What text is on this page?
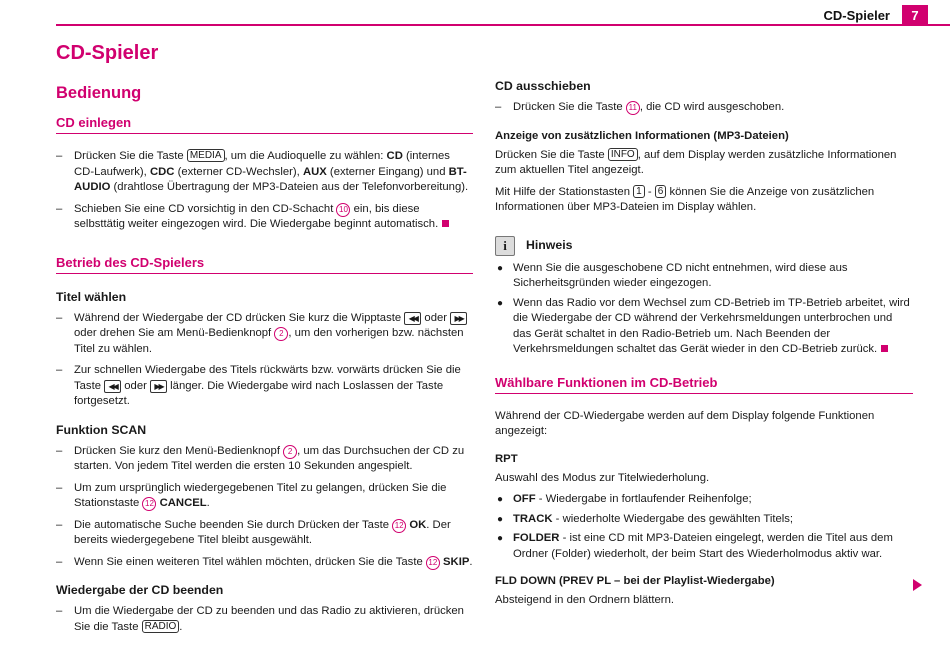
CD-Spieler	7
CD-Spieler
Bedienung
CD einlegen
– Drücken Sie die Taste MEDIA , um die Audioquelle zu wählen: CD (internes CD-Laufwerk), CDC (externer CD-Wechsler), AUX (externer Eingang) und BT-AUDIO (drahtlose Übertragung der MP3-Dateien aus der Telefonvorbereitung).
– Schieben Sie eine CD vorsichtig in den CD-Schacht 10 ein, bis diese selbsttätig weiter eingezogen wird. Die Wiedergabe beginnt automatisch.
Betrieb des CD-Spielers
Titel wählen
– Während der Wiedergabe der CD drücken Sie kurz die Wipptaste ◀◀ oder ▶▶ oder drehen Sie am Menü-Bedienknopf 2 , um den vorherigen bzw. nächsten Titel zu wählen.
– Zur schnellen Wiedergabe des Titels rückwärts bzw. vorwärts drücken Sie die Taste ◀◀ oder ▶▶ länger. Die Wiedergabe wird nach Loslassen der Taste fortgesetzt.
Funktion SCAN
– Drücken Sie kurz den Menü-Bedienknopf 2 , um das Durchsuchen der CD zu starten. Von jedem Titel werden die ersten 10 Sekunden angespielt.
– Um zum ursprünglich wiedergegebenen Titel zu gelangen, drücken Sie die Stationstaste 12 CANCEL.
– Die automatische Suche beenden Sie durch Drücken der Taste 12 OK. Der bereits wiedergegebene Titel bleibt ausgewählt.
– Wenn Sie einen weiteren Titel wählen möchten, drücken Sie die Taste 12 SKIP.
Wiedergabe der CD beenden
– Um die Wiedergabe der CD zu beenden und das Radio zu aktivieren, drücken Sie die Taste RADIO .
CD ausschieben
– Drücken Sie die Taste 11 , die CD wird ausgeschoben.
Anzeige von zusätzlichen Informationen (MP3-Dateien)
Drücken Sie die Taste INFO , auf dem Display werden zusätzliche Informationen zum aktuellen Titel angezeigt.
Mit Hilfe der Stationstasten 1 - 6 können Sie die Anzeige von zusätzlichen Informationen über MP3-Dateien im Display wählen.
i	Hinweis
● Wenn Sie die ausgeschobene CD nicht entnehmen, wird diese aus Sicherheitsgründen wieder eingezogen.
● Wenn das Radio vor dem Wechsel zum CD-Betrieb im TP-Betrieb arbeitet, wird die Wiedergabe der CD während der Verkehrsmeldungen unterbrochen und das Gerät schaltet in den Radio-Betrieb um. Nach Beenden der Verkehrsmeldungen schaltet das Gerät wieder in den CD-Betrieb zurück.
Wählbare Funktionen im CD-Betrieb
Während der CD-Wiedergabe werden auf dem Display folgende Funktionen angezeigt:
RPT
Auswahl des Modus zur Titelwiederholung.
● OFF - Wiedergabe in fortlaufender Reihenfolge;
● TRACK - wiederholte Wiedergabe des gewählten Titels;
● FOLDER - ist eine CD mit MP3-Dateien eingelegt, werden die Titel aus dem Ordner (Folder) wiederholt, der beim Start des Wiederholmodus aktiv war.
FLD DOWN (PREV PL – bei der Playlist-Wiedergabe)
Absteigend in den Ordnern blättern.
